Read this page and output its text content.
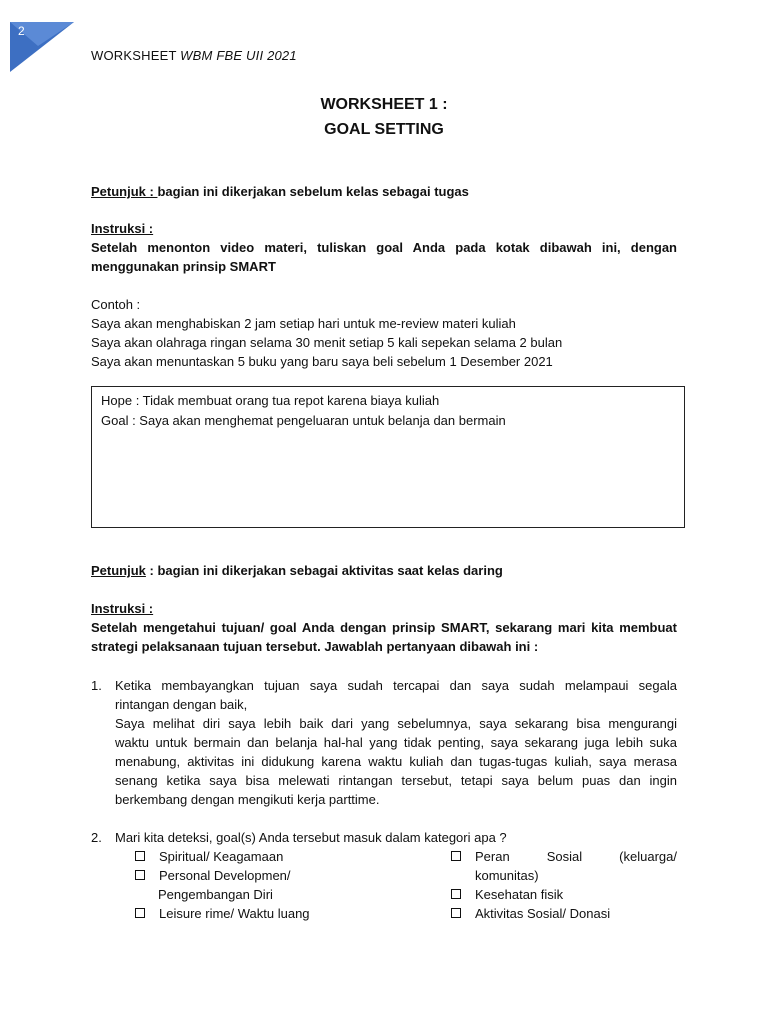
2
WORKSHEET WBM FBE UII 2021
WORKSHEET 1 :
GOAL SETTING
Petunjuk : bagian ini dikerjakan sebelum kelas sebagai tugas
Instruksi :
Setelah menonton video materi, tuliskan goal Anda pada kotak dibawah ini, dengan
menggunakan prinsip SMART
Contoh :
Saya akan menghabiskan 2 jam setiap hari untuk me-review materi kuliah
Saya akan olahraga ringan selama 30 menit setiap 5 kali sepekan selama 2 bulan
Saya akan menuntaskan 5 buku yang baru saya beli sebelum 1 Desember 2021
Hope : Tidak membuat orang tua repot karena biaya kuliah
Goal : Saya akan menghemat pengeluaran untuk belanja dan bermain
Petunjuk : bagian ini dikerjakan sebagai aktivitas saat kelas daring
Instruksi :
Setelah mengetahui tujuan/ goal Anda dengan prinsip SMART, sekarang mari kita membuat
strategi pelaksanaan tujuan tersebut. Jawablah pertanyaan dibawah ini :
1. Ketika membayangkan tujuan saya sudah tercapai dan saya sudah melampaui segala
rintangan dengan baik,
Saya melihat diri saya lebih baik dari yang sebelumnya, saya sekarang bisa mengurangi
waktu untuk bermain dan belanja hal-hal yang tidak penting, saya sekarang juga lebih suka
menabung, aktivitas ini didukung karena waktu kuliah dan tugas-tugas kuliah, saya merasa
senang ketika saya bisa melewati rintangan tersebut, tetapi saya belum puas dan ingin
berkembang dengan mengikuti kerja parttime.
2. Mari kita deteksi, goal(s) Anda tersebut masuk dalam kategori apa ?
Spiritual/ Keagamaan
Personal Developmen/
Pengembangan Diri
Leisure rime/ Waktu luang
Peran Sosial (keluarga/
komunitas)
Kesehatan fisik
Aktivitas Sosial/ Donasi
